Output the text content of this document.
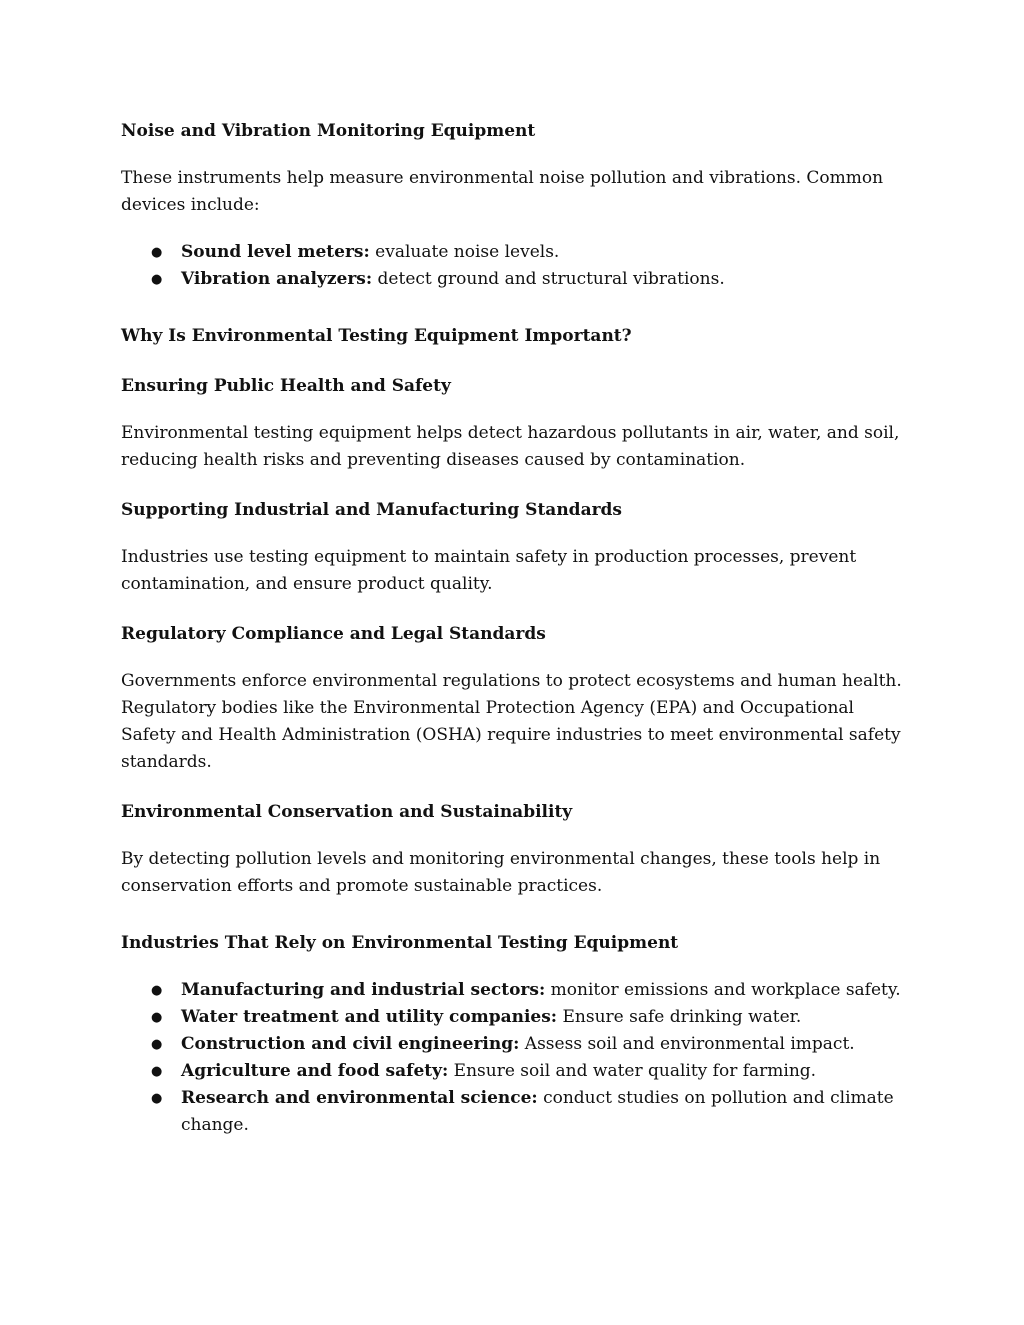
Noise and Vibration Monitoring Equipment

These instruments help measure environmental noise pollution and vibrations. Common devices include:

● Sound level meters: evaluate noise levels.
● Vibration analyzers: detect ground and structural vibrations.

Why Is Environmental Testing Equipment Important?

Ensuring Public Health and Safety

Environmental testing equipment helps detect hazardous pollutants in air, water, and soil, reducing health risks and preventing diseases caused by contamination.

Supporting Industrial and Manufacturing Standards

Industries use testing equipment to maintain safety in production processes, prevent contamination, and ensure product quality.

Regulatory Compliance and Legal Standards

Governments enforce environmental regulations to protect ecosystems and human health. Regulatory bodies like the Environmental Protection Agency (EPA) and Occupational Safety and Health Administration (OSHA) require industries to meet environmental safety standards.

Environmental Conservation and Sustainability

By detecting pollution levels and monitoring environmental changes, these tools help in conservation efforts and promote sustainable practices.

Industries That Rely on Environmental Testing Equipment

● Manufacturing and industrial sectors: monitor emissions and workplace safety.
● Water treatment and utility companies: Ensure safe drinking water.
● Construction and civil engineering: Assess soil and environmental impact.
● Agriculture and food safety: Ensure soil and water quality for farming.
● Research and environmental science: conduct studies on pollution and climate change.
